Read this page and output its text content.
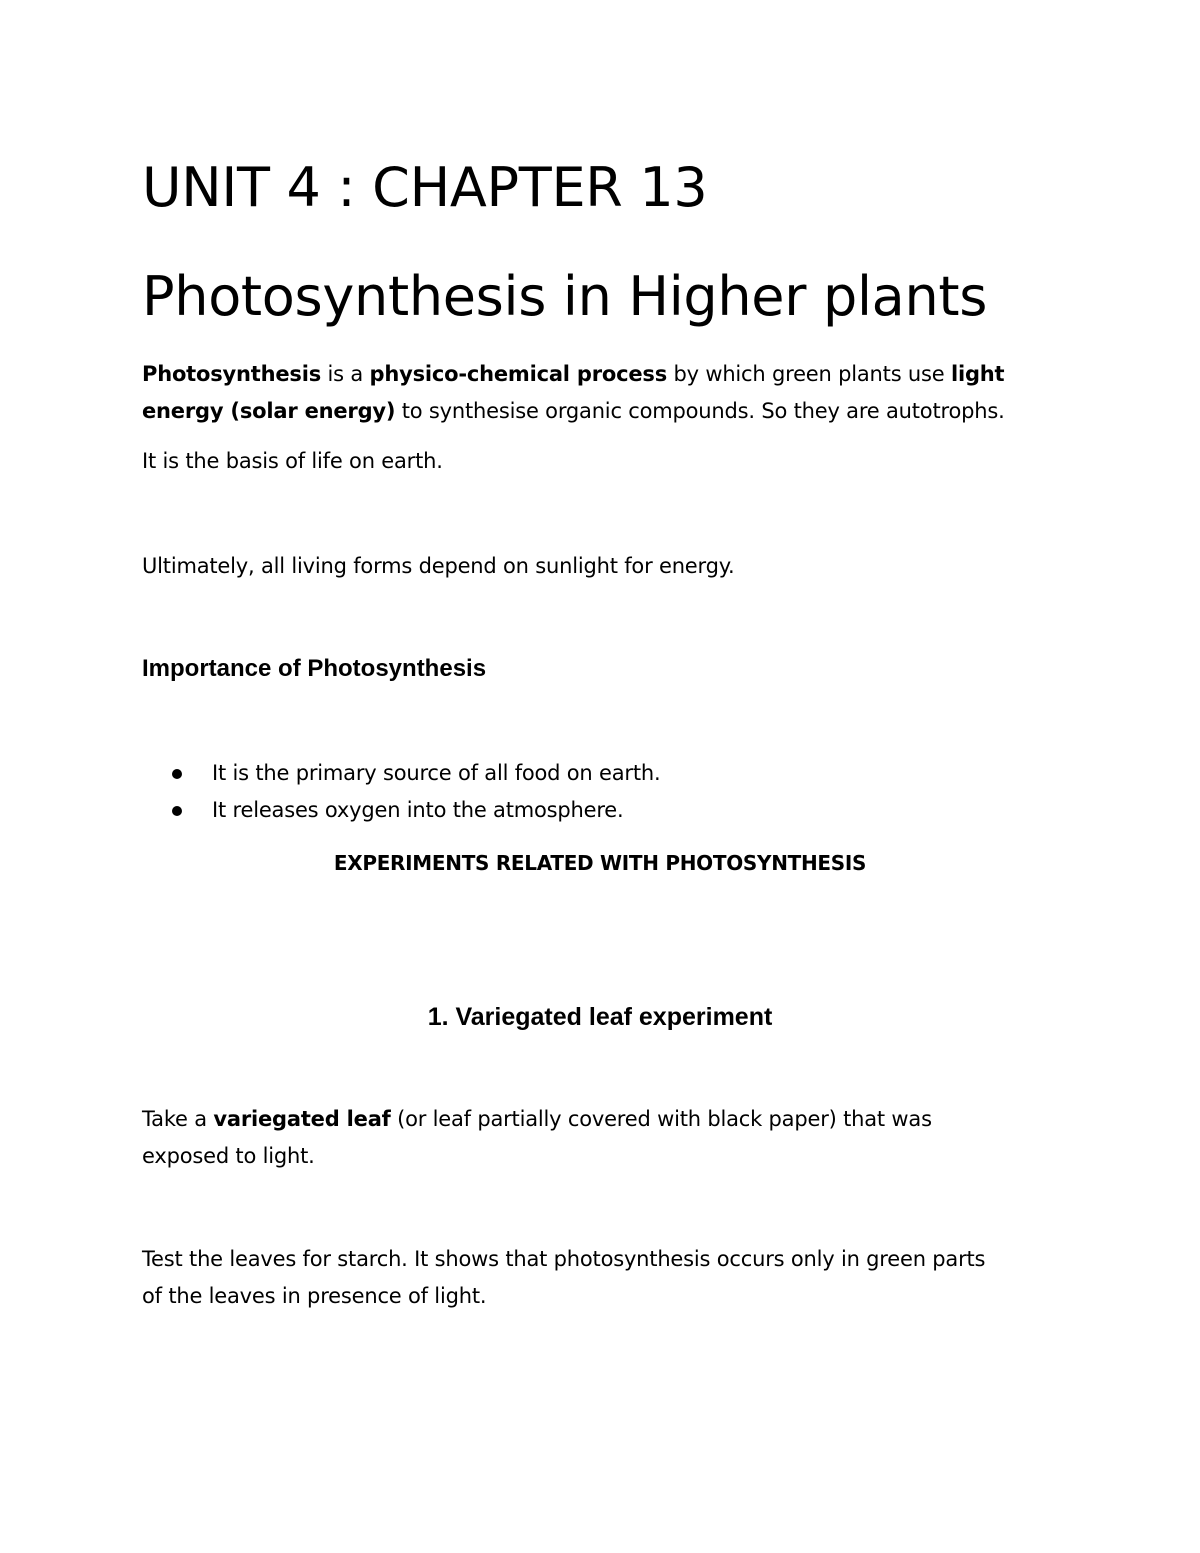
UNIT 4 : CHAPTER 13
Photosynthesis in Higher plants

Photosynthesis is a physico-chemical process by which green plants use light

energy (solar energy) to synthesise organic compounds. So they are autotrophs.

It is the basis of life on earth.

Ultimately, all living forms depend on sunlight for energy.

Importance of Photosynthesis
It is the primary source of all food on earth.
It releases oxygen into the atmosphere.
EXPERIMENTS RELATED WITH PHOTOSYNTHESIS
1. Variegated leaf experiment

Take a variegated leaf (or leaf partially covered with black paper) that was

exposed to light.

Test the leaves for starch. It shows that photosynthesis occurs only in green parts

of the leaves in presence of light.
